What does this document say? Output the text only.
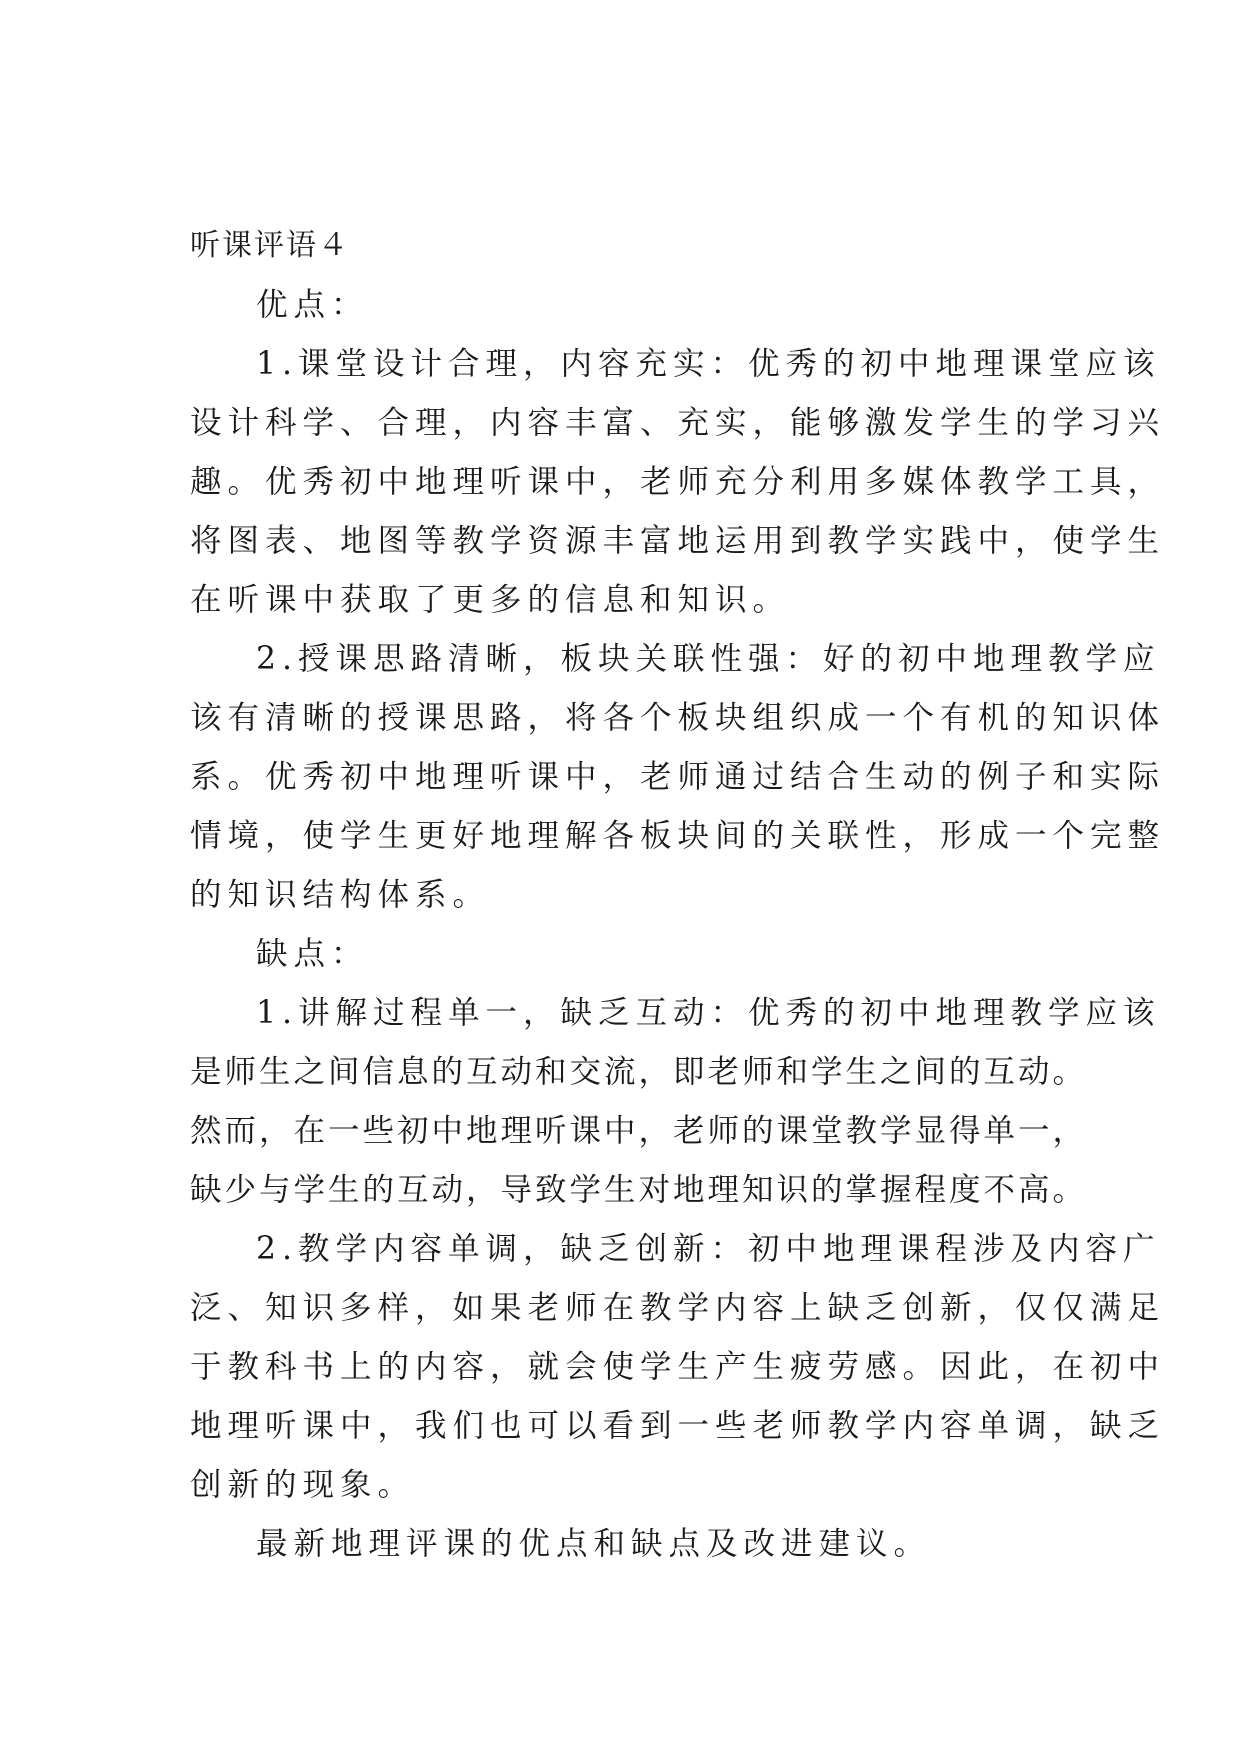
听课评语４

优点：

1.课堂设计合理，内容充实：优秀的初中地理课堂应该

设计科学、合理，内容丰富、充实，能够激发学生的学习兴

趣。优秀初中地理听课中，老师充分利用多媒体教学工具，

将图表、地图等教学资源丰富地运用到教学实践中，使学生

在听课中获取了更多的信息和知识。

2.授课思路清晰，板块关联性强：好的初中地理教学应

该有清晰的授课思路，将各个板块组织成一个有机的知识体

系。优秀初中地理听课中，老师通过结合生动的例子和实际

情境，使学生更好地理解各板块间的关联性，形成一个完整

的知识结构体系。

缺点：

1.讲解过程单一，缺乏互动：优秀的初中地理教学应该

是师生之间信息的互动和交流，即老师和学生之间的互动。

然而，在一些初中地理听课中，老师的课堂教学显得单一，

缺少与学生的互动，导致学生对地理知识的掌握程度不高。

2.教学内容单调，缺乏创新：初中地理课程涉及内容广

泛、知识多样，如果老师在教学内容上缺乏创新，仅仅满足

于教科书上的内容，就会使学生产生疲劳感。因此，在初中

地理听课中，我们也可以看到一些老师教学内容单调，缺乏

创新的现象。

最新地理评课的优点和缺点及改进建议。
